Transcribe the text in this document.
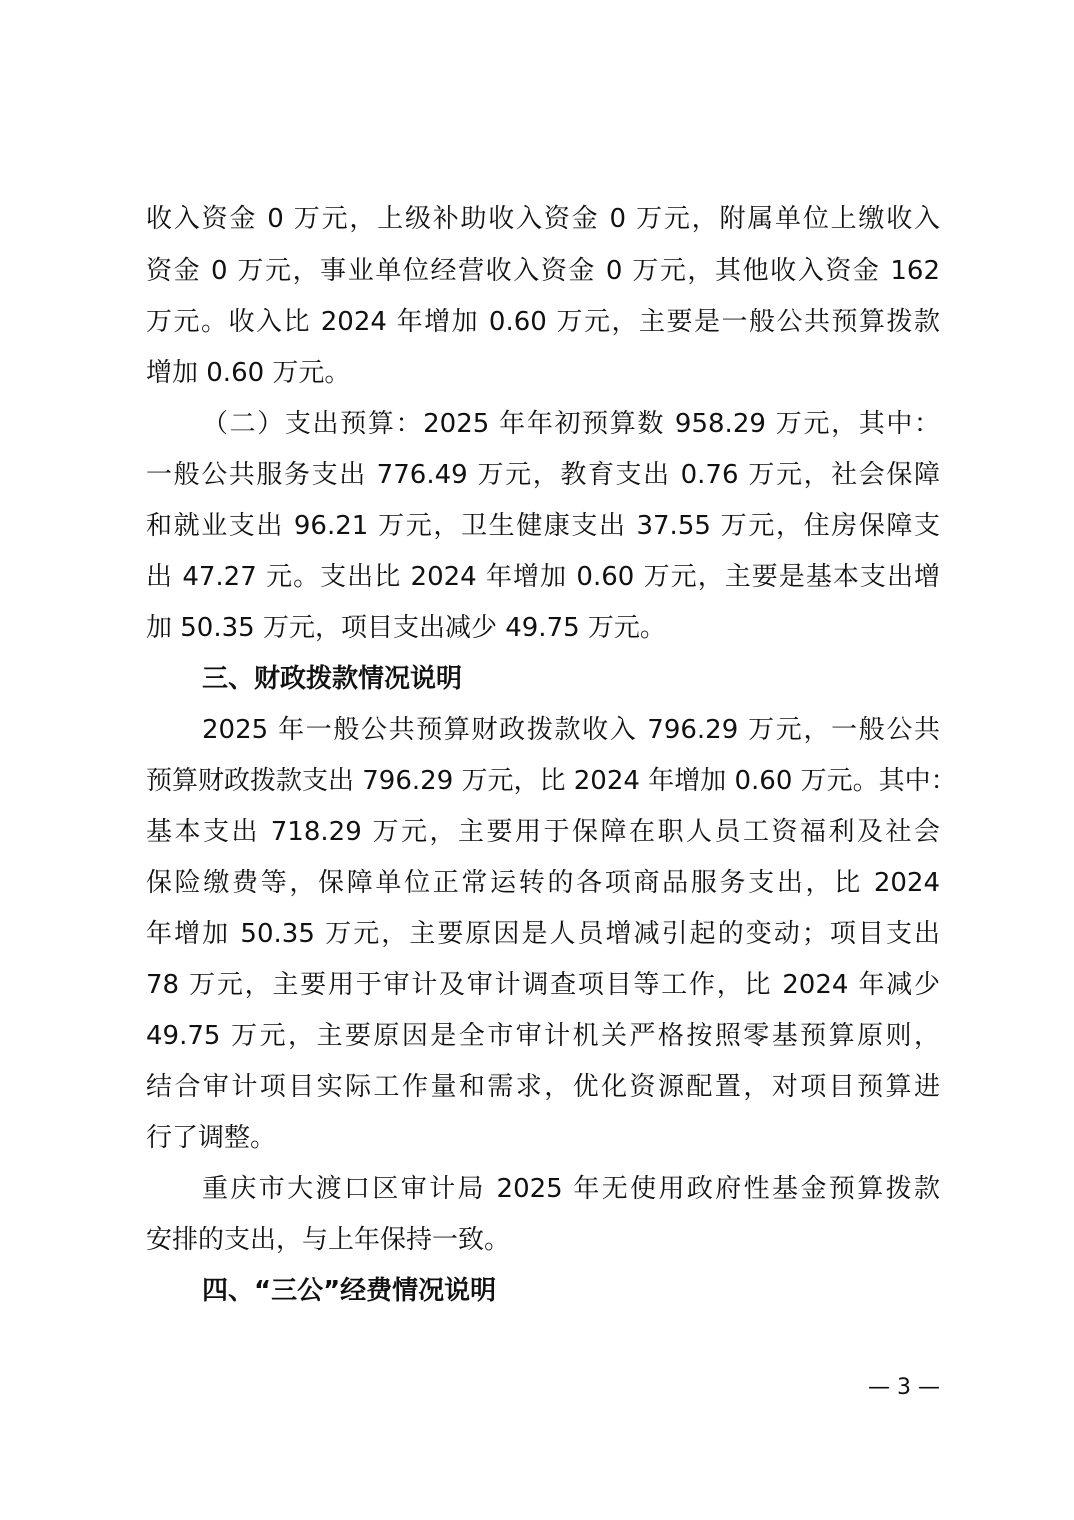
收入资金 0 万元，上级补助收入资金 0 万元，附属单位上缴收入
资金 0 万元，事业单位经营收入资金 0 万元，其他收入资金 162
万元。收入比 2024 年增加 0.60 万元，主要是一般公共预算拨款
增加 0.60 万元。
（二）支出预算：2025 年年初预算数 958.29 万元，其中：
一般公共服务支出 776.49 万元，教育支出 0.76 万元，社会保障
和就业支出 96.21 万元，卫生健康支出 37.55 万元，住房保障支
出 47.27 元。支出比 2024 年增加 0.60 万元，主要是基本支出增
加 50.35 万元，项目支出减少 49.75 万元。
三、财政拨款情况说明
2025 年一般公共预算财政拨款收入 796.29 万元，一般公共
预算财政拨款支出 796.29 万元，比 2024 年增加 0.60 万元。其中：
基本支出 718.29 万元，主要用于保障在职人员工资福利及社会
保险缴费等，保障单位正常运转的各项商品服务支出，比 2024
年增加 50.35 万元，主要原因是人员增减引起的变动；项目支出
78 万元，主要用于审计及审计调查项目等工作，比 2024 年减少
49.75 万元，主要原因是全市审计机关严格按照零基预算原则，
结合审计项目实际工作量和需求，优化资源配置，对项目预算进
行了调整。
重庆市大渡口区审计局 2025 年无使用政府性基金预算拨款
安排的支出，与上年保持一致。
四、“三公”经费情况说明
— 3 —
